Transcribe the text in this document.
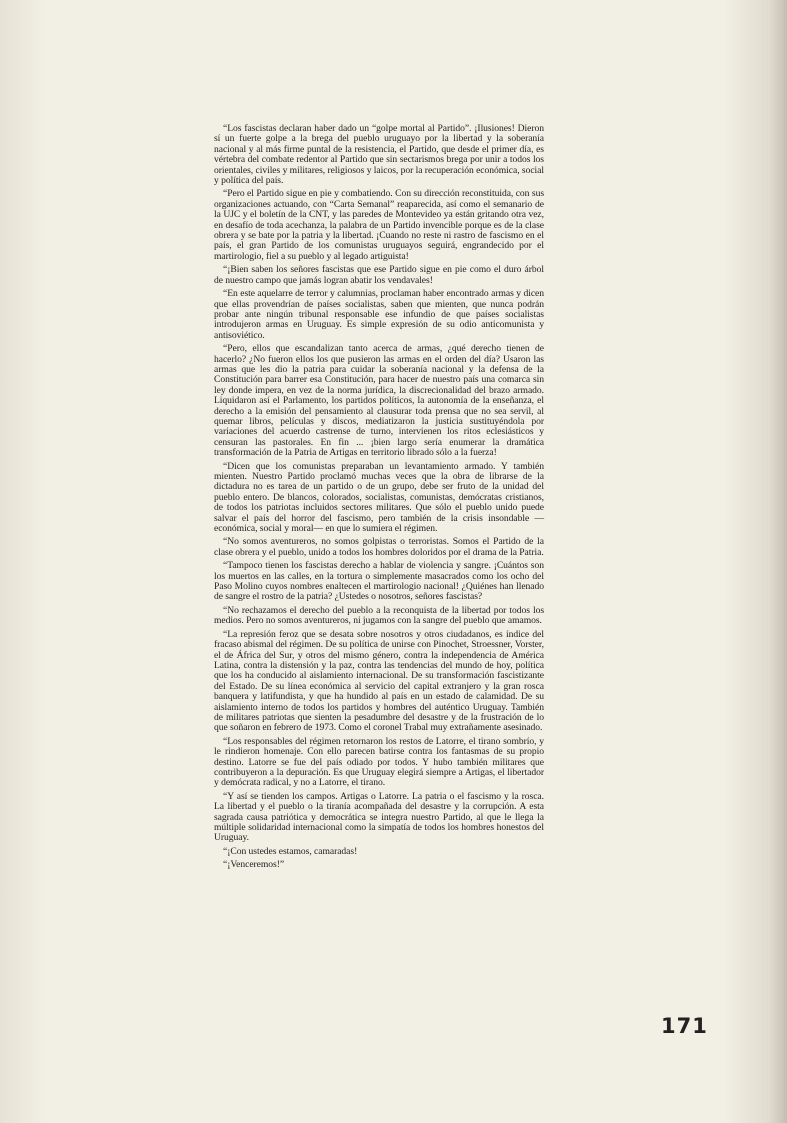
“Los fascistas declaran haber dado un “golpe mortal al Partido”. ¡Ilusiones! Dieron sí un fuerte golpe a la brega del pueblo uruguayo por la libertad y la soberanía nacional y al más firme puntal de la resistencia, el Partido, que desde el primer día, es vértebra del combate redentor al Partido que sin sectarismos brega por unir a todos los orientales, civiles y militares, religiosos y laicos, por la recuperación económica, social y política del país.

“Pero el Partido sigue en pie y combatiendo. Con su dirección reconstituida, con sus organizaciones actuando, con “Carta Semanal” reaparecida, así como el semanario de la UJC y el boletín de la CNT, y las paredes de Montevideo ya están gritando otra vez, en desafío de toda acechanza, la palabra de un Partido invencible porque es de la clase obrera y se bate por la patria y la libertad. ¡Cuando no reste ni rastro de fascismo en el país, el gran Partido de los comunistas uruguayos seguirá, engrandecido por el martirologio, fiel a su pueblo y al legado artiguista!

“¡Bien saben los señores fascistas que ese Partido sigue en pie como el duro árbol de nuestro campo que jamás logran abatir los vendavales!

“En este aquelarre de terror y calumnias, proclaman haber encontrado armas y dicen que ellas provendrían de países socialistas, saben que mienten, que nunca podrán probar ante ningún tribunal responsable ese infundio de que países socialistas introdujeron armas en Uruguay. Es simple expresión de su odio anticomunista y antisoviético.

“Pero, ellos que escandalizan tanto acerca de armas, ¿qué derecho tienen de hacerlo? ¿No fueron ellos los que pusieron las armas en el orden del día? Usaron las armas que les dio la patria para cuidar la soberanía nacional y la defensa de la Constitución para barrer esa Constitución, para hacer de nuestro país una comarca sin ley donde impera, en vez de la norma jurídica, la discrecionalidad del brazo armado. Liquidaron así el Parlamento, los partidos políticos, la autonomía de la enseñanza, el derecho a la emisión del pensamiento al clausurar toda prensa que no sea servil, al quemar libros, películas y discos, mediatizaron la justicia sustituyéndola por variaciones del acuerdo castrense de turno, intervienen los ritos eclesiásticos y censuran las pastorales. En fin ... ¡bien largo sería enumerar la dramática transformación de la Patria de Artigas en territorio librado sólo a la fuerza!

“Dicen que los comunistas preparaban un levantamiento armado. Y también mienten. Nuestro Partido proclamó muchas veces que la obra de librarse de la dictadura no es tarea de un partido o de un grupo, debe ser fruto de la unidad del pueblo entero. De blancos, colorados, socialistas, comunistas, demócratas cristianos, de todos los patriotas incluidos sectores militares. Que sólo el pueblo unido puede salvar el país del horror del fascismo, pero también de la crisis insondable —económica, social y moral— en que lo sumiera el régimen.

“No somos aventureros, no somos golpistas o terroristas. Somos el Partido de la clase obrera y el pueblo, unido a todos los hombres doloridos por el drama de la Patria.

“Tampoco tienen los fascistas derecho a hablar de violencia y sangre. ¡Cuántos son los muertos en las calles, en la tortura o simplemente masacrados como los ocho del Paso Molino cuyos nombres enaltecen el martirologio nacional! ¿Quiénes han llenado de sangre el rostro de la patria? ¿Ustedes o nosotros, señores fascistas?

“No rechazamos el derecho del pueblo a la reconquista de la libertad por todos los medios. Pero no somos aventureros, ni jugamos con la sangre del pueblo que amamos.

“La represión feroz que se desata sobre nosotros y otros ciudadanos, es índice del fracaso abismal del régimen. De su política de unirse con Pinochet, Stroessner, Vorster, el de África del Sur, y otros del mismo género, contra la independencia de América Latina, contra la distensión y la paz, contra las tendencias del mundo de hoy, política que los ha conducido al aislamiento internacional. De su transformación fascistizante del Estado. De su línea económica al servicio del capital extranjero y la gran rosca banquera y latifundista, y que ha hundido al país en un estado de calamidad. De su aislamiento interno de todos los partidos y hombres del auténtico Uruguay. También de militares patriotas que sienten la pesadumbre del desastre y de la frustración de lo que soñaron en febrero de 1973. Como el coronel Trabal muy extrañamente asesinado.

“Los responsables del régimen retornaron los restos de Latorre, el tirano sombrío, y le rindieron homenaje. Con ello parecen batirse contra los fantasmas de su propio destino. Latorre se fue del país odiado por todos. Y hubo también militares que contribuyeron a la depuración. Es que Uruguay elegirá siempre a Artigas, el libertador y demócrata radical, y no a Latorre, el tirano.

“Y así se tienden los campos. Artigas o Latorre. La patria o el fascismo y la rosca. La libertad y el pueblo o la tiranía acompañada del desastre y la corrupción. A esta sagrada causa patriótica y democrática se integra nuestro Partido, al que le llega la múltiple solidaridad internacional como la simpatía de todos los hombres honestos del Uruguay.

“¡Con ustedes estamos, camaradas!

“¡Venceremos!”

171
